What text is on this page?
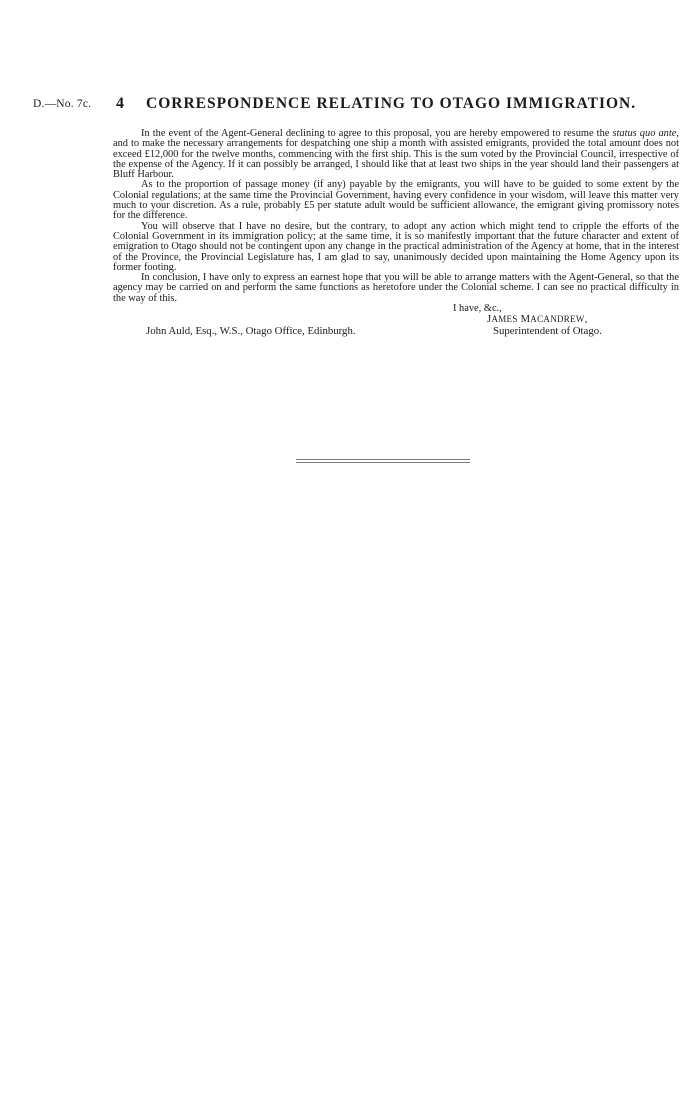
D.—No. 7c. 4 CORRESPONDENCE RELATING TO OTAGO IMMIGRATION.

In the event of the Agent-General declining to agree to this proposal, you are hereby empowered to resume the status quo ante, and to make the necessary arrangements for despatching one ship a month with assisted emigrants, provided the total amount does not exceed £12,000 for the twelve months, commencing with the first ship. This is the sum voted by the Provincial Council, irrespective of the expense of the Agency. If it can possibly be arranged, I should like that at least two ships in the year should land their passengers at Bluff Harbour.

As to the proportion of passage money (if any) payable by the emigrants, you will have to be guided to some extent by the Colonial regulations; at the same time the Provincial Government, having every confidence in your wisdom, will leave this matter very much to your discretion. As a rule, probably £5 per statute adult would be sufficient allowance, the emigrant giving promissory notes for the difference.

You will observe that I have no desire, but the contrary, to adopt any action which might tend to cripple the efforts of the Colonial Government in its immigration policy; at the same time, it is so manifestly important that the future character and extent of emigration to Otago should not be contingent upon any change in the practical administration of the Agency at home, that in the interest of the Province, the Provincial Legislature has, I am glad to say, unanimously decided upon maintaining the Home Agency upon its former footing.

In conclusion, I have only to express an earnest hope that you will be able to arrange matters with the Agent-General, so that the agency may be carried on and perform the same functions as heretofore under the Colonial scheme. I can see no practical difficulty in the way of this.

I have, &c.,
JAMES MACANDREW,
John Auld, Esq., W.S., Otago Office, Edinburgh.	Superintendent of Otago.
